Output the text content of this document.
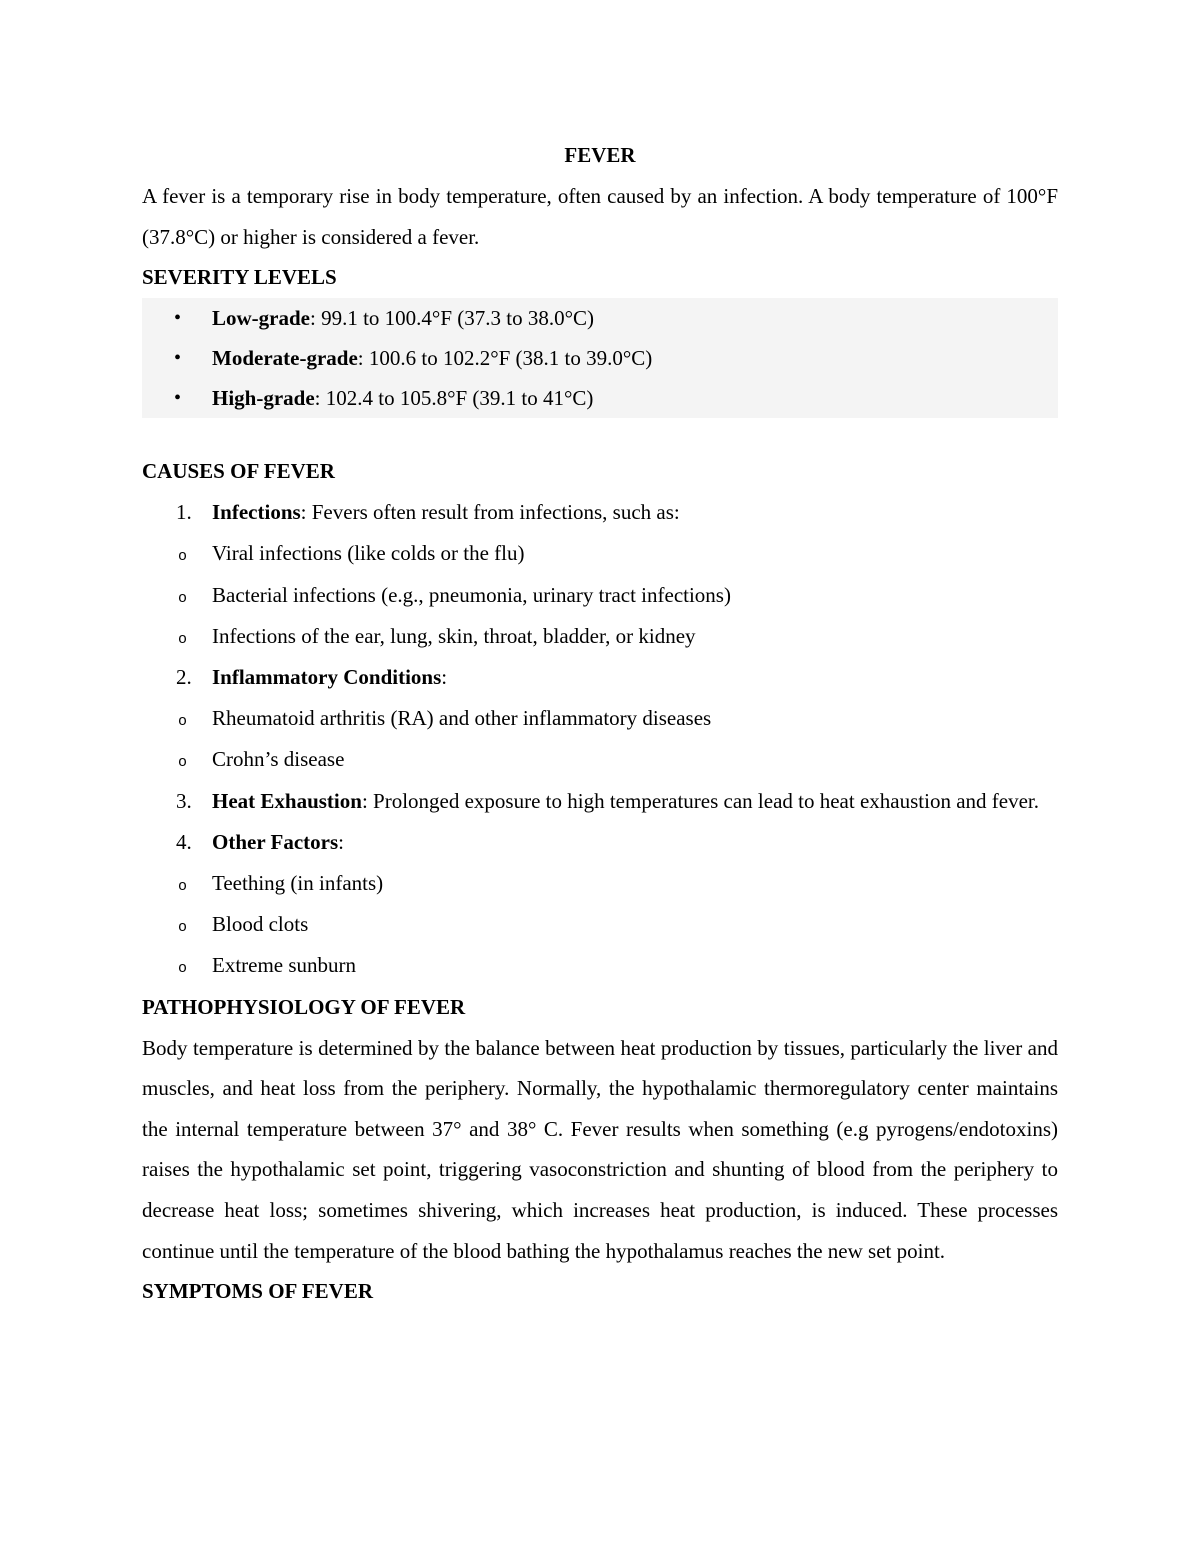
FEVER

A fever is a temporary rise in body temperature, often caused by an infection. A body temperature of 100°F (37.8°C) or higher is considered a fever.

SEVERITY LEVELS

• Low-grade: 99.1 to 100.4°F (37.3 to 38.0°C)
• Moderate-grade: 100.6 to 102.2°F (38.1 to 39.0°C)
• High-grade: 102.4 to 105.8°F (39.1 to 41°C)

CAUSES OF FEVER

1. Infections: Fevers often result from infections, such as:
o Viral infections (like colds or the flu)
o Bacterial infections (e.g., pneumonia, urinary tract infections)
o Infections of the ear, lung, skin, throat, bladder, or kidney
2. Inflammatory Conditions:
o Rheumatoid arthritis (RA) and other inflammatory diseases
o Crohn’s disease
3. Heat Exhaustion: Prolonged exposure to high temperatures can lead to heat exhaustion and fever.
4. Other Factors:
o Teething (in infants)
o Blood clots
o Extreme sunburn

PATHOPHYSIOLOGY OF FEVER

Body temperature is determined by the balance between heat production by tissues, particularly the liver and muscles, and heat loss from the periphery. Normally, the hypothalamic thermoregulatory center maintains the internal temperature between 37° and 38° C. Fever results when something (e.g pyrogens/endotoxins) raises the hypothalamic set point, triggering vasoconstriction and shunting of blood from the periphery to decrease heat loss; sometimes shivering, which increases heat production, is induced. These processes continue until the temperature of the blood bathing the hypothalamus reaches the new set point.

SYMPTOMS OF FEVER
